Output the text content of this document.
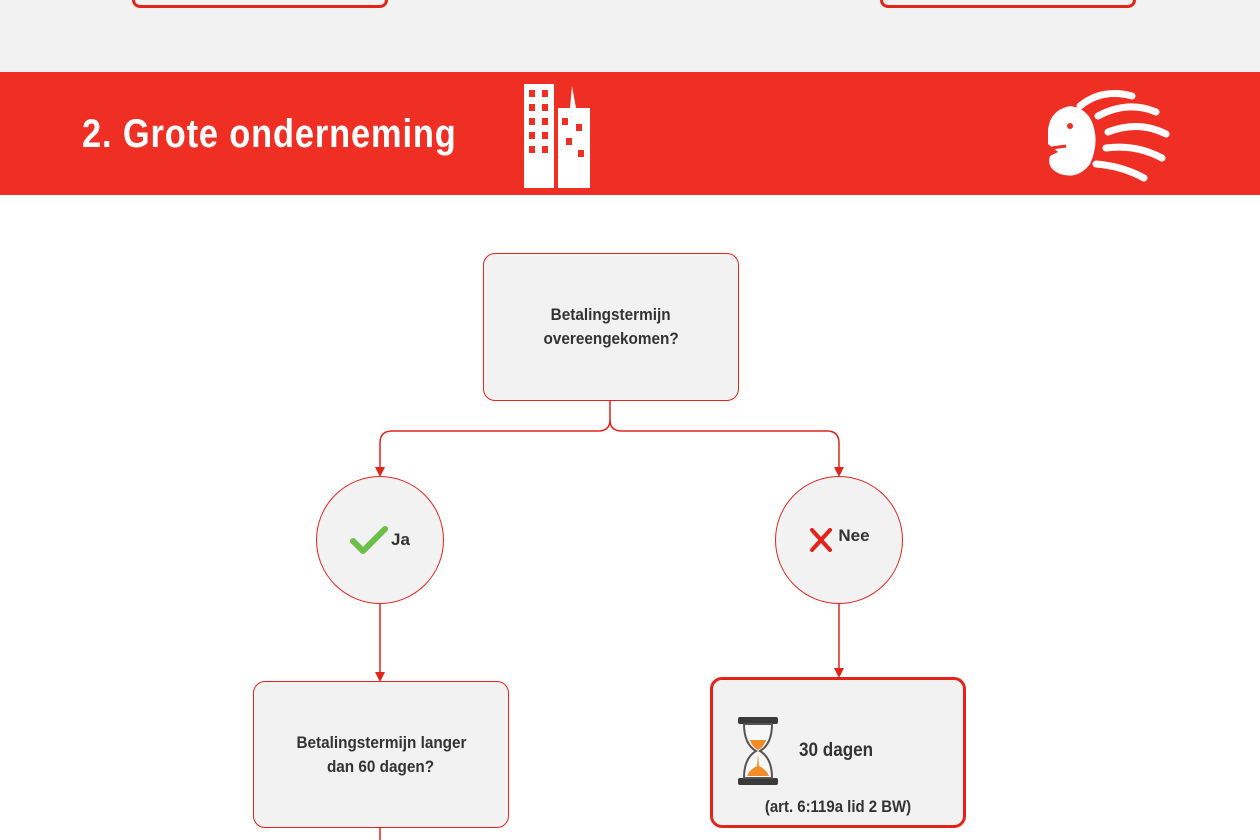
2. Grote onderneming
Betalingstermijn
overeengekomen?
Ja	Nee
Betalingstermijn langer
dan 60 dagen?
30 dagen
(art. 6:119a lid 2 BW)
